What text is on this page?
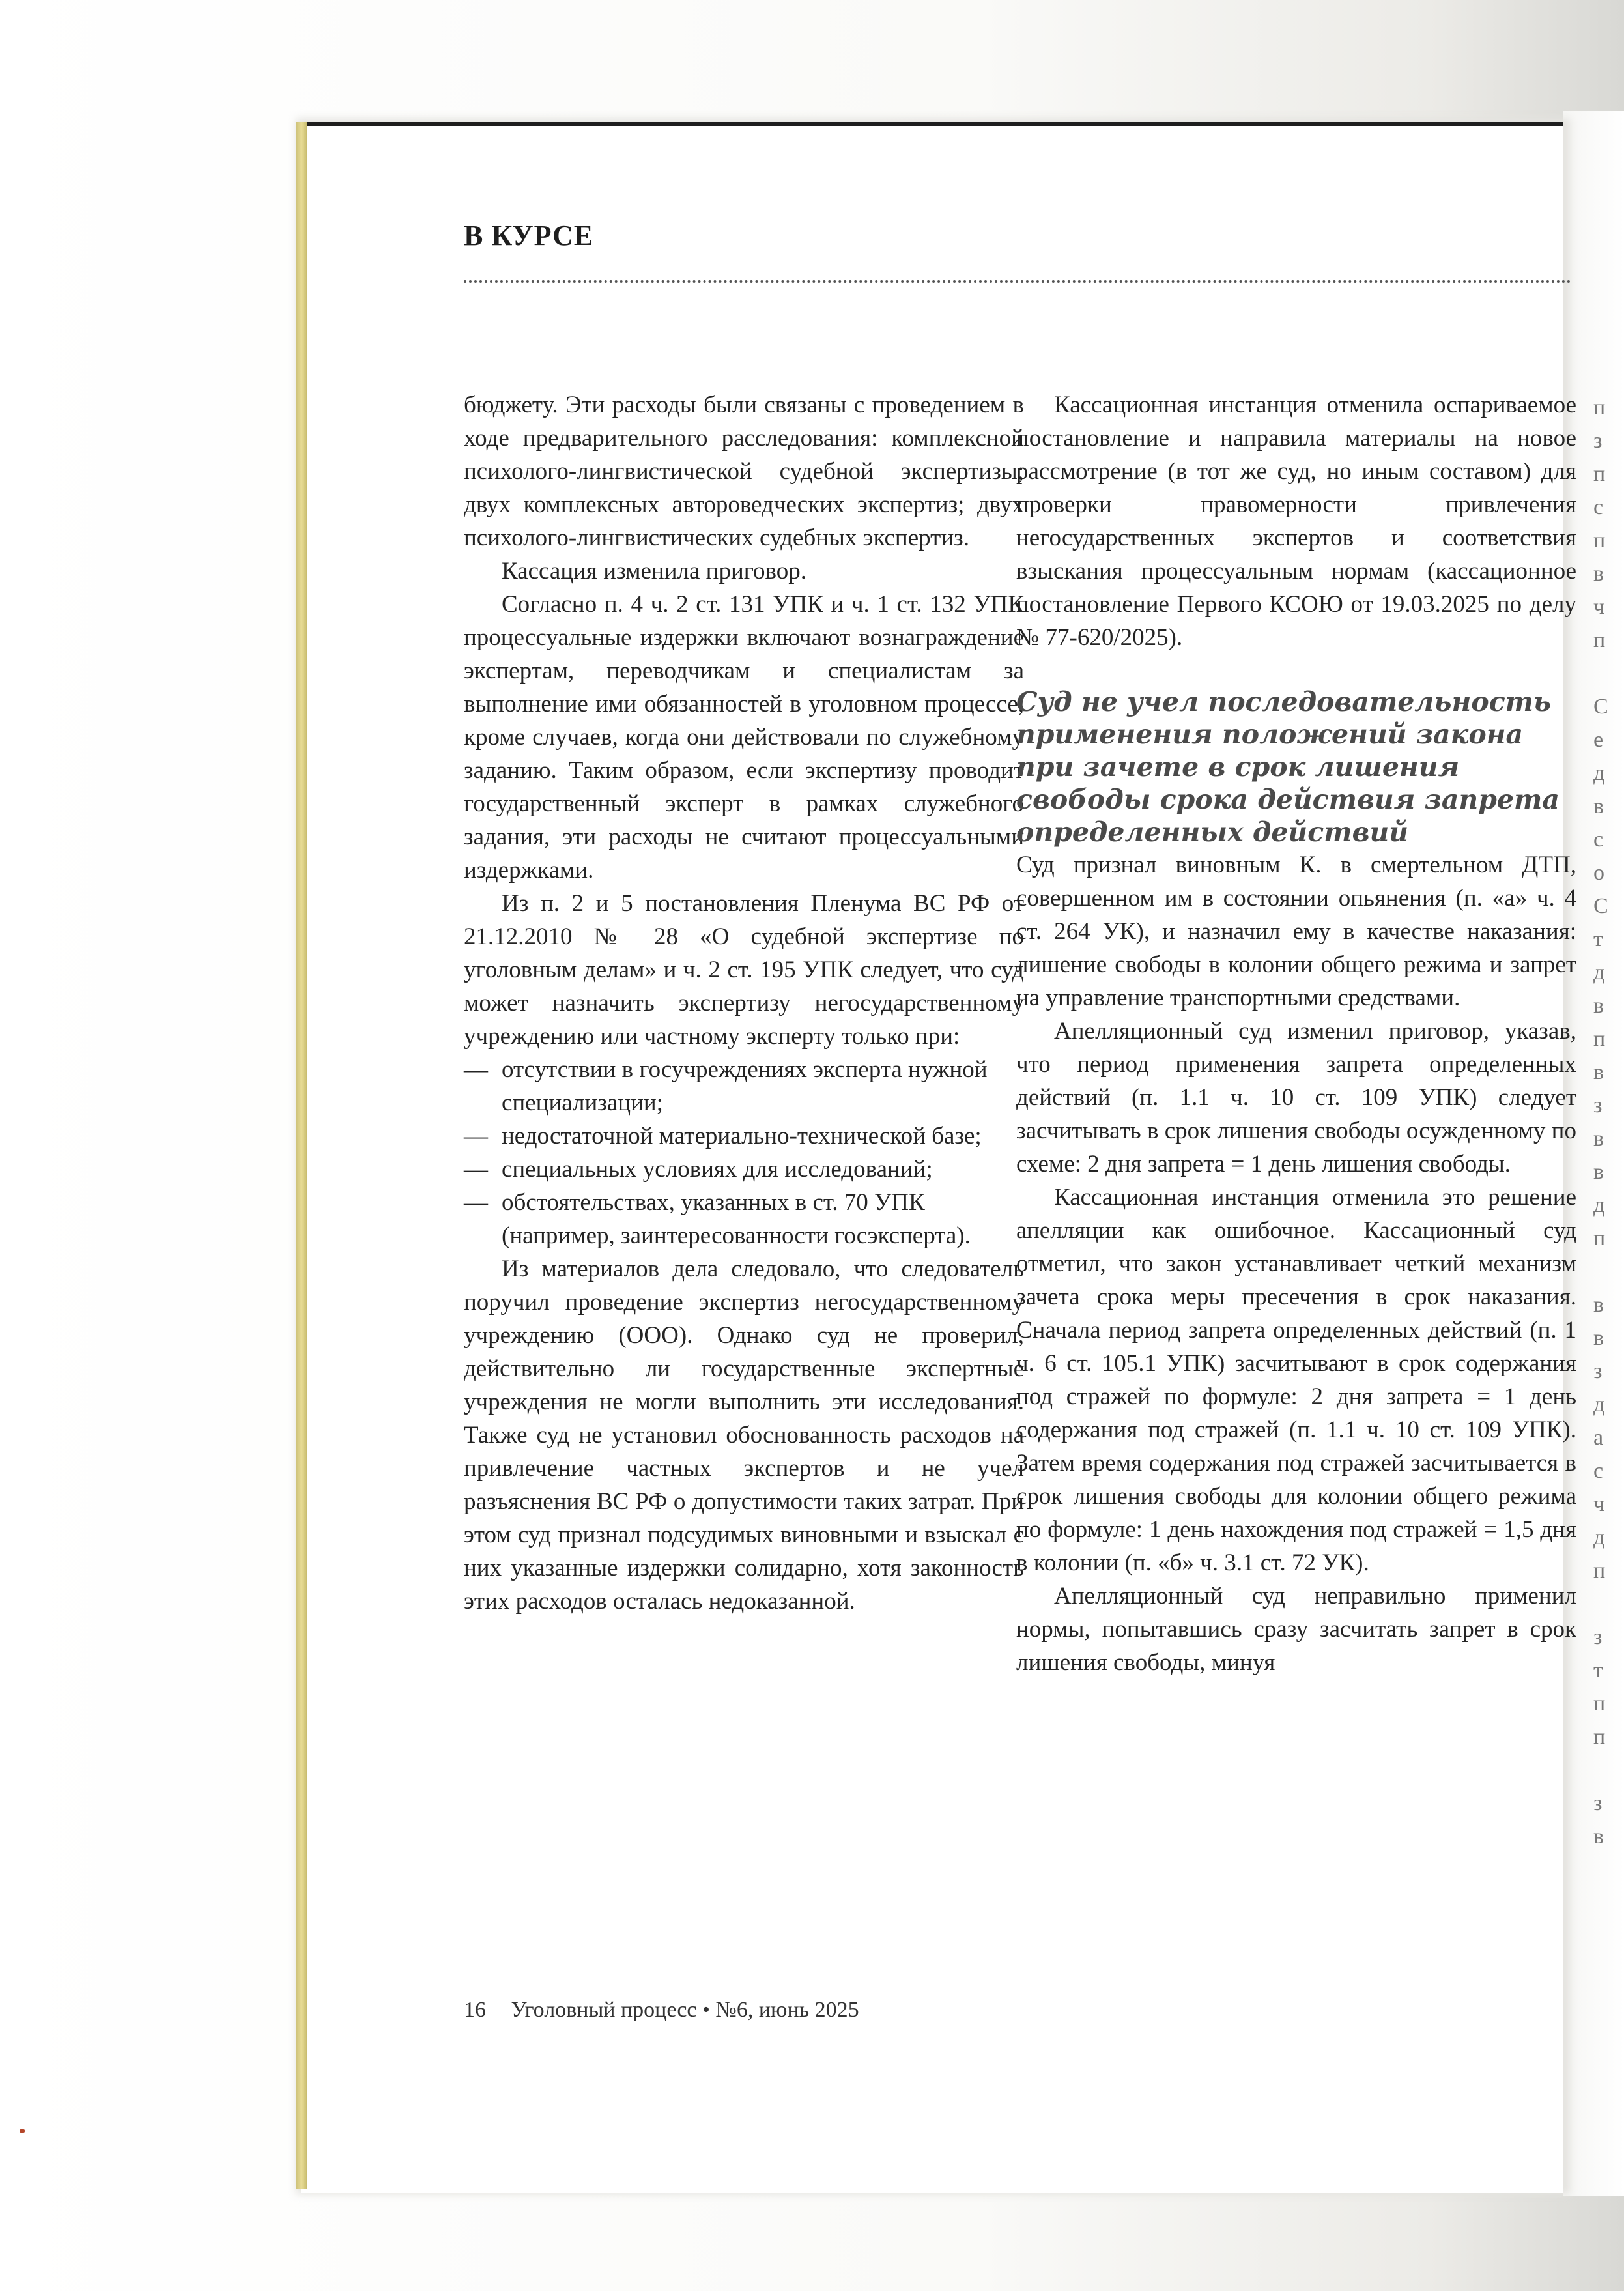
В КУРСЕ

бюджету. Эти расходы были связаны с проведением в ходе предварительного расследования: комплексной психолого-лингвистической судебной экспертизы; двух комплексных автороведческих экспертиз; двух психолого-лингвистических судебных экспертиз.

Кассация изменила приговор.

Согласно п. 4 ч. 2 ст. 131 УПК и ч. 1 ст. 132 УПК процессуальные издержки включают вознаграждение экспертам, переводчикам и специалистам за выполнение ими обязанностей в уголовном процессе, кроме случаев, когда они действовали по служебному заданию. Таким образом, если экспертизу проводит государственный эксперт в рамках служебного задания, эти расходы не считают процессуальными издержками.

Из п. 2 и 5 постановления Пленума ВС РФ от 21.12.2010 № 28 «О судебной экспертизе по уголовным делам» и ч. 2 ст. 195 УПК следует, что суд может назначить экспертизу негосударственному учреждению или частному эксперту только при:

— отсутствии в госучреждениях эксперта нужной специализации;
— недостаточной материально-технической базе;
— специальных условиях для исследований;
— обстоятельствах, указанных в ст. 70 УПК (например, заинтересованности госэксперта).

Из материалов дела следовало, что следователь поручил проведение экспертиз негосударственному учреждению (ООО). Однако суд не проверил, действительно ли государственные экспертные учреждения не могли выполнить эти исследования. Также суд не установил обоснованность расходов на привлечение частных экспертов и не учел разъяснения ВС РФ о допустимости таких затрат. При этом суд признал подсудимых виновными и взыскал с них указанные издержки солидарно, хотя законность этих расходов осталась недоказанной.

Кассационная инстанция отменила оспариваемое постановление и направила материалы на новое рассмотрение (в тот же суд, но иным составом) для проверки правомерности привлечения негосударственных экспертов и соответствия взыскания процессуальным нормам (кассационное постановление Первого КСОЮ от 19.03.2025 по делу № 77-620/2025).

Суд не учел последовательность применения положений закона при зачете в срок лишения свободы срока действия запрета определенных действий

Суд признал виновным К. в смертельном ДТП, совершенном им в состоянии опьянения (п. «а» ч. 4 ст. 264 УК), и назначил ему в качестве наказания: лишение свободы в колонии общего режима и запрет на управление транспортными средствами.

Апелляционный суд изменил приговор, указав, что период применения запрета определенных действий (п. 1.1 ч. 10 ст. 109 УПК) следует засчитывать в срок лишения свободы осужденному по схеме: 2 дня запрета = 1 день лишения свободы.

Кассационная инстанция отменила это решение апелляции как ошибочное. Кассационный суд отметил, что закон устанавливает четкий механизм зачета срока меры пресечения в срок наказания. Сначала период запрета определенных действий (п. 1 ч. 6 ст. 105.1 УПК) засчитывают в срок содержания под стражей по формуле: 2 дня запрета = 1 день содержания под стражей (п. 1.1 ч. 10 ст. 109 УПК). Затем время содержания под стражей засчитывается в срок лишения свободы для колонии общего режима по формуле: 1 день нахождения под стражей = 1,5 дня в колонии (п. «б» ч. 3.1 ст. 72 УК).

Апелляционный суд неправильно применил нормы, попытавшись сразу засчитать запрет в срок лишения свободы, минуя

16 Уголовный процесс • №6, июнь 2025
п
з
п
с
п
в
ч
п

С
е
д
в
с
о
С
т
д
в
п
в
з
в
в
д
п

в
в
з
д
а
с
ч
д
п

з
т
п
п

з
в
